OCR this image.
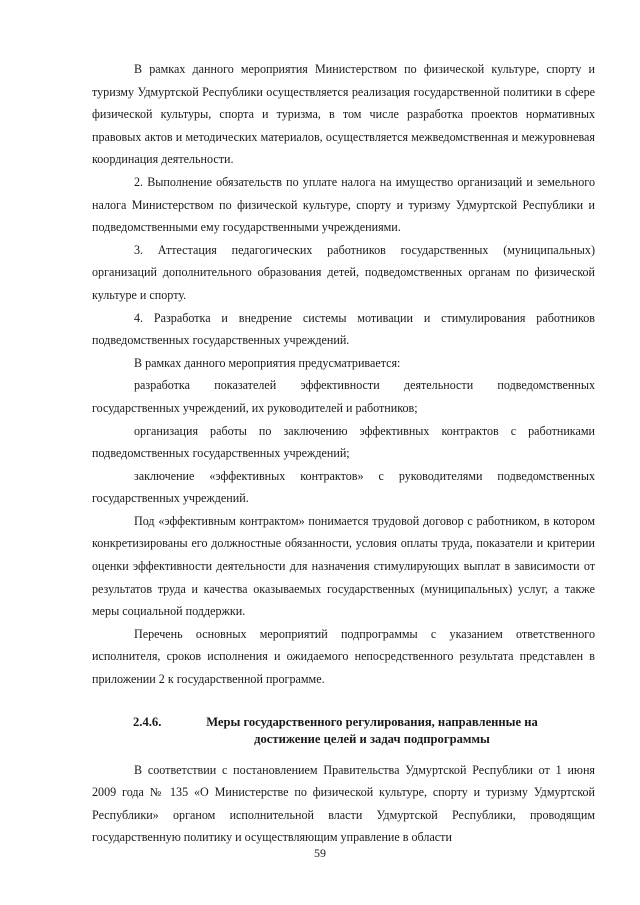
В рамках данного мероприятия Министерством по физической культуре, спорту и туризму Удмуртской Республики осуществляется реализация государственной политики в сфере физической культуры, спорта и туризма, в том числе разработка проектов нормативных правовых актов и методических материалов, осуществляется межведомственная и межуровневая координация деятельности.

2. Выполнение обязательств по уплате налога на имущество организаций и земельного налога Министерством по физической культуре, спорту и туризму Удмуртской Республики и подведомственными ему государственными учреждениями.

3. Аттестация педагогических работников государственных (муниципальных) организаций дополнительного образования детей, подведомственных органам по физической культуре и спорту.

4. Разработка и внедрение системы мотивации и стимулирования работников подведомственных государственных учреждений.

В рамках данного мероприятия предусматривается:

разработка показателей эффективности деятельности подведомственных государственных учреждений, их руководителей и работников;

организация работы по заключению эффективных контрактов с работниками подведомственных государственных учреждений;

заключение «эффективных контрактов» с руководителями подведомственных государственных учреждений.

Под «эффективным контрактом» понимается трудовой договор с работником, в котором конкретизированы его должностные обязанности, условия оплаты труда, показатели и критерии оценки эффективности деятельности для назначения стимулирующих выплат в зависимости от результатов труда и качества оказываемых государственных (муниципальных) услуг, а также меры социальной поддержки.

Перечень основных мероприятий подпрограммы с указанием ответственного исполнителя, сроков исполнения и ожидаемого непосредственного результата представлен в приложении 2 к государственной программе.

2.4.6.	Меры государственного регулирования, направленные на достижение целей и задач подпрограммы

В соответствии с постановлением Правительства Удмуртской Республики от 1 июня 2009 года № 135 «О Министерстве по физической культуре, спорту и туризму Удмуртской Республики» органом исполнительной власти Удмуртской Республики, проводящим государственную политику и осуществляющим управление в области

59
